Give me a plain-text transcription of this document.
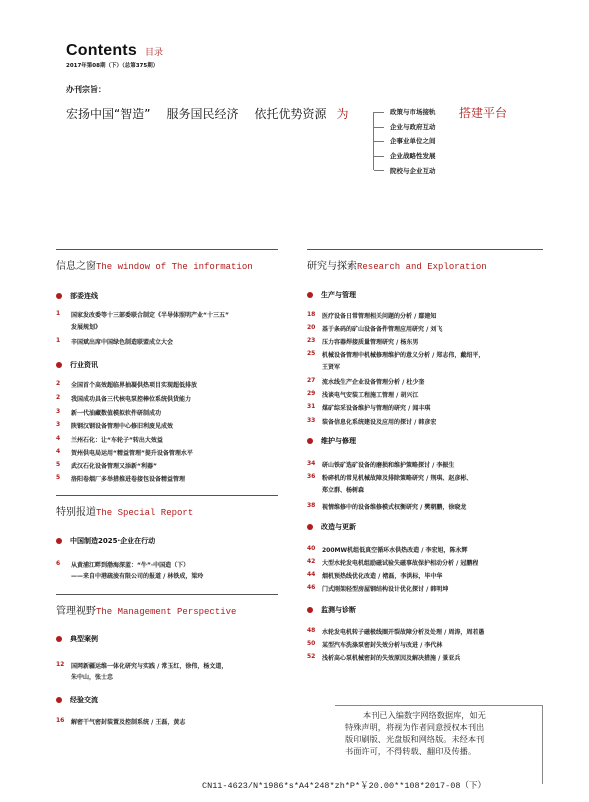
Contents 目录
2017年第08期（下）（总第375期）
办刊宗旨：
宏扬中国“智造” 服务国民经济 依托优势资源 为	政策与市场接轨
企业与政府互动
企事业单位之间
企业战略性发展
院校与企业互动
搭建平台
信息之窗The window of The information
部委连线
1 国家发改委等十三部委联合制定《半导体照明产业“十三五”
发展规划》
1 辛国斌出席中国绿色制造联盟成立大会
行业资讯
2 全国首个高效超临界抽凝供热项目实现超低排放
2 我国成功具备三代核电泵控棒位系统供货能力
3 新一代油藏数值模拟软件研制成功
3 陕钢汉钢设备管理中心修旧利废见成效
4 兰州石化：让“车轮子”转出大效益
4 贺州供电局运用“精益管理”提升设备管理水平
5 武汉石化设备管理又添新“利器”
5 洛阳卷烟厂多举措推进卷接包设备精益管理
特别报道The Special Report
中国制造2025·企业在行动
6 从黄浦江畔到渤海深蓝：“牛”·中国造（下）
——来自中港疏浚有限公司的报道 / 林铁成，梁玲
管理视野The Management Perspective
典型案例
12 国网新疆运维一体化研究与实践 / 常玉红，徐伟，杨文道，
朱中山，张士忠
经验交流
16 解密干气密封装置及控制系统 / 王磊，黄志
研究与探索Research and Exploration
生产与管理
18 医疗设备日常管理相关问题的分析 / 鄢建知
20 基于条码的矿山设备备件管理应用研究 / 刘飞
23 压力容器焊接质量管理研究 / 杨东男
25 机械设备管理中机械修理维护的意义分析 / 郑志伟，戴绍平，
王贤军
27 流水线生产企业设备管理分析 / 杜少奎
29 浅谈电气安装工程施工管理 / 胡兴江
31 煤矿综采设备维护与管理的研究 / 闻丰琪
33 装备信息化系统建设及应用的探讨 / 韩彦宏
维护与修理
34 研山铁矿选矿设备的磨损和维护策略探讨 / 李振生
36 粉碎机的常见机械故障及排除策略研究 / 荆琪、赵彦彬、
郑立群、杨树森
38 视情维修中的设备维修模式权衡研究 / 樊朝鹏，徐晓龙
改造与更新
40 200MW机组低真空循环水供热改造 / 李宏旭，陈永辉
42 大型水轮发电机组励磁试验失磁事故保护相动分析 / 冠鹏程
44 烟机预热线优化改造 / 褚磊，李洪标，毕中华
46 门式刚架轻型房屋钢结构设计优化探讨 / 韩明坤
监测与诊断
48 水轮发电机转子磁极线圈开裂故障分析及处理 / 周涛，周若愚
50 某型汽车洗涤泵密封失效分析与改进 / 李代林
52 浅析高心泵机械密封的失效原因及解决措施 / 景亚兵

本刊已入编数字网络数据库，如无

特殊声明，将视为作者同意授权本刊出

版印刷版、光盘版和网络版。未经本刊

书面许可，不得转载、翻印及传播。

CN11-4623/N*1986*s*A4*248*zh*P*￥20.00**108*2017-08（下）
